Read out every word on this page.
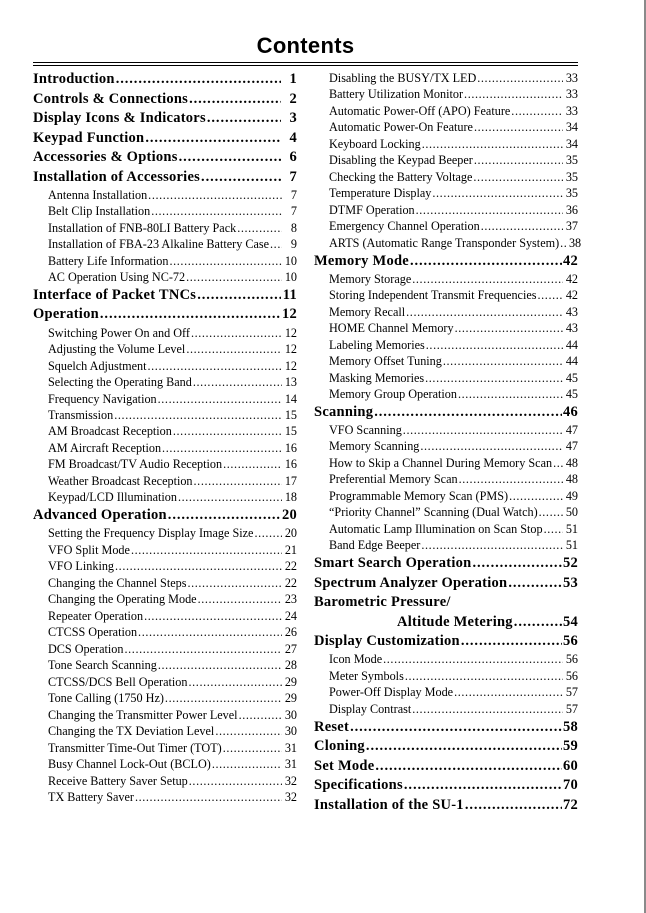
Contents
Introduction .....	1
Controls & Connections .....	2
Display Icons & Indicators .....	3
Keypad Function .....	4
Accessories & Options .....	6
Installation of Accessories .....	7
Antenna Installation .....	7
Belt Clip Installation .....	7
Installation of FNB-80LI Battery Pack .....	8
Installation of FBA-23 Alkaline Battery Case .....	9
Battery Life Information .....	10
AC Operation Using NC-72 .....	10
Interface of Packet TNCs .....	11
Operation .....	12
Switching Power On and Off .....	12
Adjusting the Volume Level .....	12
Squelch Adjustment .....	12
Selecting the Operating Band .....	13
Frequency Navigation .....	14
Transmission .....	15
AM Broadcast Reception .....	15
AM Aircraft Reception .....	16
FM Broadcast/TV Audio Reception .....	16
Weather Broadcast Reception .....	17
Keypad/LCD Illumination .....	18
Advanced Operation .....	20
Setting the Frequency Display Image Size .....	20
VFO Split Mode .....	21
VFO Linking .....	22
Changing the Channel Steps .....	22
Changing the Operating Mode .....	23
Repeater Operation .....	24
CTCSS Operation .....	26
DCS Operation .....	27
Tone Search Scanning .....	28
CTCSS/DCS Bell Operation .....	29
Tone Calling (1750 Hz) .....	29
Changing the Transmitter Power Level .....	30
Changing the TX Deviation Level .....	30
Transmitter Time-Out Timer (TOT) .....	31
Busy Channel Lock-Out (BCLO) .....	31
Receive Battery Saver Setup .....	32
TX Battery Saver .....	32
Disabling the BUSY/TX LED .....	33
Battery Utilization Monitor .....	33
Automatic Power-Off (APO) Feature .....	33
Automatic Power-On Feature .....	34
Keyboard Locking .....	34
Disabling the Keypad Beeper .....	35
Checking the Battery Voltage .....	35
Temperature Display .....	35
DTMF Operation .....	36
Emergency Channel Operation .....	37
ARTS (Automatic Range Transponder System) ..... 38
Memory Mode .....	42
Memory Storage .....	42
Storing Independent Transmit Frequencies ..... 42
Memory Recall .....	43
HOME Channel Memory .....	43
Labeling Memories .....	44
Memory Offset Tuning .....	44
Masking Memories .....	45
Memory Group Operation .....	45
Scanning .....	46
VFO Scanning .....	47
Memory Scanning .....	47
How to Skip a Channel During Memory Scan ..... 48
Preferential Memory Scan .....	48
Programmable Memory Scan (PMS) .....	49
“Priority Channel” Scanning (Dual Watch) ..... 50
Automatic Lamp Illumination on Scan Stop ..... 51
Band Edge Beeper .....	51
Smart Search Operation .....	52
Spectrum Analyzer Operation .....	53
Barometric Pressure/
Altitude Metering .....	54
Display Customization .....	56
Icon Mode .....	56
Meter Symbols .....	56
Power-Off Display Mode .....	57
Display Contrast .....	57
Reset .....	58
Cloning .....	59
Set Mode .....	60
Specifications .....	70
Installation of the SU-1 .....	72
